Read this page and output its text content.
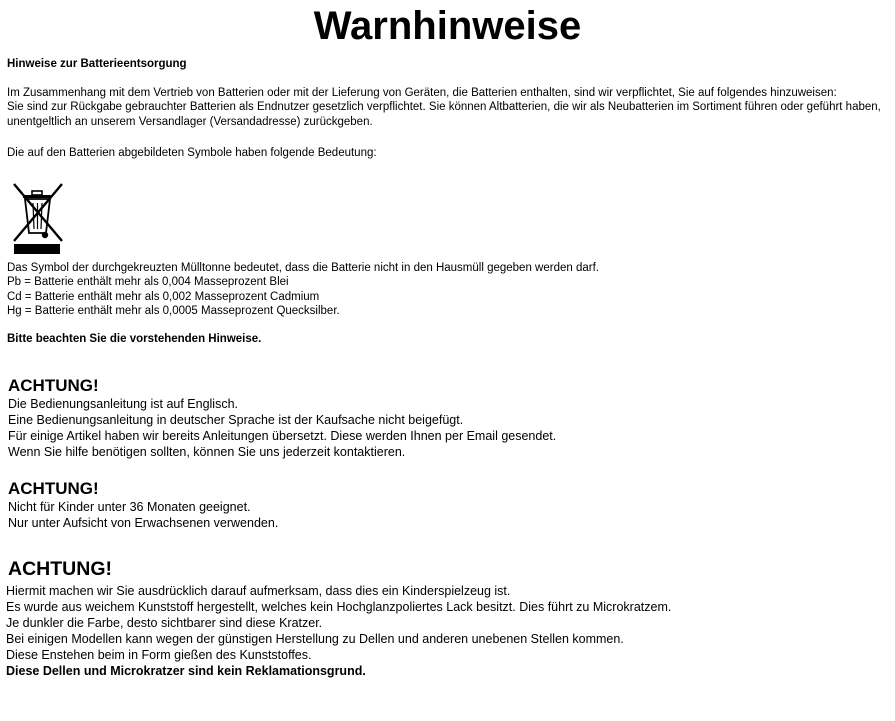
Warnhinweise
Hinweise zur Batterieentsorgung
Im Zusammenhang mit dem Vertrieb von Batterien oder mit der Lieferung von Geräten, die Batterien enthalten, sind wir verpflichtet, Sie auf folgendes hinzuweisen:
Sie sind zur Rückgabe gebrauchter Batterien als Endnutzer gesetzlich verpflichtet. Sie können Altbatterien, die wir als Neubatterien im Sortiment führen oder geführt haben,
unentgeltlich an unserem Versandlager (Versandadresse) zurückgeben.
Die auf den Batterien abgebildeten Symbole haben folgende Bedeutung:
Das Symbol der durchgekreuzten Mülltonne bedeutet, dass die Batterie nicht in den Hausmüll gegeben werden darf.
Pb = Batterie enthält mehr als 0,004 Masseprozent Blei
Cd = Batterie enthält mehr als 0,002 Masseprozent Cadmium
Hg = Batterie enthält mehr als 0,0005 Masseprozent Quecksilber.
Bitte beachten Sie die vorstehenden Hinweise.
ACHTUNG!
Die Bedienungsanleitung ist auf Englisch.
Eine Bedienungsanleitung in deutscher Sprache ist der Kaufsache nicht beigefügt.
Für einige Artikel haben wir bereits Anleitungen übersetzt. Diese werden Ihnen per Email gesendet.
Wenn Sie hilfe benötigen sollten, können Sie uns jederzeit kontaktieren.
ACHTUNG!
Nicht für Kinder unter 36 Monaten geeignet.
Nur unter Aufsicht von Erwachsenen verwenden.
ACHTUNG!
Hiermit machen wir Sie ausdrücklich darauf aufmerksam, dass dies ein Kinderspielzeug ist.
Es wurde aus weichem Kunststoff hergestellt, welches kein Hochglanzpoliertes Lack besitzt. Dies führt zu Microkratzem.
Je dunkler die Farbe, desto sichtbarer sind diese Kratzer.
Bei einigen Modellen kann wegen der günstigen Herstellung zu Dellen und anderen unebenen Stellen kommen.
Diese Enstehen beim in Form gießen des Kunststoffes.
Diese Dellen und Microkratzer sind kein Reklamationsgrund.
